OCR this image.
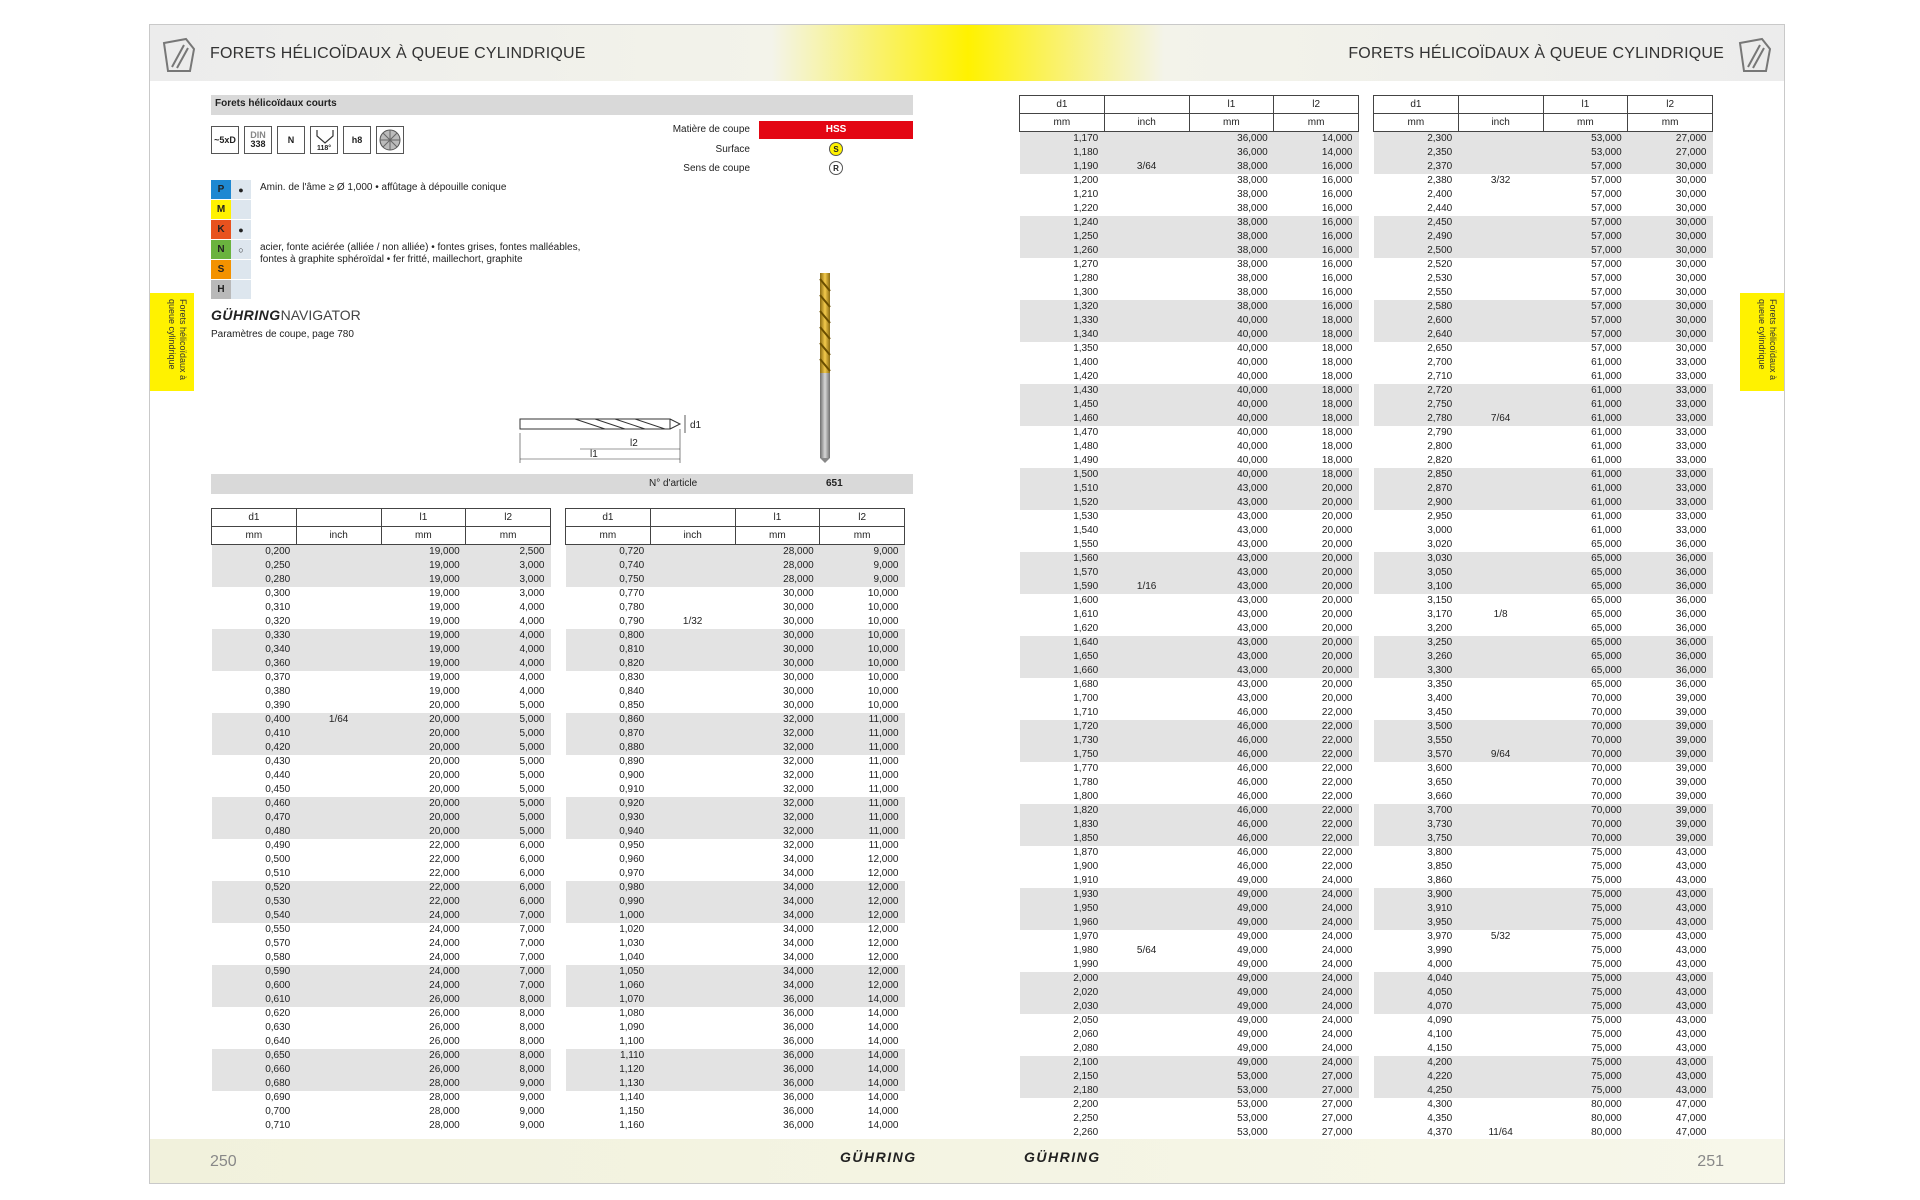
FORETS HÉLICOÏDAUX À QUEUE CYLINDRIQUE	FORETS HÉLICOÏDAUX À QUEUE CYLINDRIQUE
250	251
GÜHRING	GÜHRING
Forets hélicoïdaux à queue cylindrique	Forets hélicoïdaux à queue cylindrique
Forets hélicoïdaux courts
~5xD	DIN
338	N
118°
h8
Matière de coupe	HSS
Surface	S
Sens de coupe	R
P	●
M
K	●
N	○
S
H
Amin. de l'âme ≥ Ø 1,000 • affûtage à dépouille conique
acier, fonte aciérée (alliée / non alliée) • fontes grises, fontes malléables,
fontes à graphite sphéroïdal • fer fritté, maillechort, graphite
GÜHRINGNAVIGATOR
Paramètres de coupe, page 780
l2
l1
d1
N° d'article	651
d1		l1	l2
mm	inch	mm	mm
0,200		19,000	2,500
0,250		19,000	3,000
0,280		19,000	3,000
0,300		19,000	3,000
0,310		19,000	4,000
0,320		19,000	4,000
0,330		19,000	4,000
0,340		19,000	4,000
0,360		19,000	4,000
0,370		19,000	4,000
0,380		19,000	4,000
0,390		20,000	5,000
0,400	1/64	20,000	5,000
0,410		20,000	5,000
0,420		20,000	5,000
0,430		20,000	5,000
0,440		20,000	5,000
0,450		20,000	5,000
0,460		20,000	5,000
0,470		20,000	5,000
0,480		20,000	5,000
0,490		22,000	6,000
0,500		22,000	6,000
0,510		22,000	6,000
0,520		22,000	6,000
0,530		22,000	6,000
0,540		24,000	7,000
0,550		24,000	7,000
0,570		24,000	7,000
0,580		24,000	7,000
0,590		24,000	7,000
0,600		24,000	7,000
0,610		26,000	8,000
0,620		26,000	8,000
0,630		26,000	8,000
0,640		26,000	8,000
0,650		26,000	8,000
0,660		26,000	8,000
0,680		28,000	9,000
0,690		28,000	9,000
0,700		28,000	9,000
0,710		28,000	9,000
d1		l1	l2
mm	inch	mm	mm
0,720		28,000	9,000
0,740		28,000	9,000
0,750		28,000	9,000
0,770		30,000	10,000
0,780		30,000	10,000
0,790	1/32	30,000	10,000
0,800		30,000	10,000
0,810		30,000	10,000
0,820		30,000	10,000
0,830		30,000	10,000
0,840		30,000	10,000
0,850		30,000	10,000
0,860		32,000	11,000
0,870		32,000	11,000
0,880		32,000	11,000
0,890		32,000	11,000
0,900		32,000	11,000
0,910		32,000	11,000
0,920		32,000	11,000
0,930		32,000	11,000
0,940		32,000	11,000
0,950		32,000	11,000
0,960		34,000	12,000
0,970		34,000	12,000
0,980		34,000	12,000
0,990		34,000	12,000
1,000		34,000	12,000
1,020		34,000	12,000
1,030		34,000	12,000
1,040		34,000	12,000
1,050		34,000	12,000
1,060		34,000	12,000
1,070		36,000	14,000
1,080		36,000	14,000
1,090		36,000	14,000
1,100		36,000	14,000
1,110		36,000	14,000
1,120		36,000	14,000
1,130		36,000	14,000
1,140		36,000	14,000
1,150		36,000	14,000
1,160		36,000	14,000
d1		l1	l2
mm	inch	mm	mm
1,170		36,000	14,000
1,180		36,000	14,000
1,190	3/64	38,000	16,000
1,200		38,000	16,000
1,210		38,000	16,000
1,220		38,000	16,000
1,240		38,000	16,000
1,250		38,000	16,000
1,260		38,000	16,000
1,270		38,000	16,000
1,280		38,000	16,000
1,300		38,000	16,000
1,320		38,000	16,000
1,330		40,000	18,000
1,340		40,000	18,000
1,350		40,000	18,000
1,400		40,000	18,000
1,420		40,000	18,000
1,430		40,000	18,000
1,450		40,000	18,000
1,460		40,000	18,000
1,470		40,000	18,000
1,480		40,000	18,000
1,490		40,000	18,000
1,500		40,000	18,000
1,510		43,000	20,000
1,520		43,000	20,000
1,530		43,000	20,000
1,540		43,000	20,000
1,550		43,000	20,000
1,560		43,000	20,000
1,570		43,000	20,000
1,590	1/16	43,000	20,000
1,600		43,000	20,000
1,610		43,000	20,000
1,620		43,000	20,000
1,640		43,000	20,000
1,650		43,000	20,000
1,660		43,000	20,000
1,680		43,000	20,000
1,700		43,000	20,000
1,710		46,000	22,000
1,720		46,000	22,000
1,730		46,000	22,000
1,750		46,000	22,000
1,770		46,000	22,000
1,780		46,000	22,000
1,800		46,000	22,000
1,820		46,000	22,000
1,830		46,000	22,000
1,850		46,000	22,000
1,870		46,000	22,000
1,900		46,000	22,000
1,910		49,000	24,000
1,930		49,000	24,000
1,950		49,000	24,000
1,960		49,000	24,000
1,970		49,000	24,000
1,980	5/64	49,000	24,000
1,990		49,000	24,000
2,000		49,000	24,000
2,020		49,000	24,000
2,030		49,000	24,000
2,050		49,000	24,000
2,060		49,000	24,000
2,080		49,000	24,000
2,100		49,000	24,000
2,150		53,000	27,000
2,180		53,000	27,000
2,200		53,000	27,000
2,250		53,000	27,000
2,260		53,000	27,000
d1		l1	l2
mm	inch	mm	mm
2,300		53,000	27,000
2,350		53,000	27,000
2,370		57,000	30,000
2,380	3/32	57,000	30,000
2,400		57,000	30,000
2,440		57,000	30,000
2,450		57,000	30,000
2,490		57,000	30,000
2,500		57,000	30,000
2,520		57,000	30,000
2,530		57,000	30,000
2,550		57,000	30,000
2,580		57,000	30,000
2,600		57,000	30,000
2,640		57,000	30,000
2,650		57,000	30,000
2,700		61,000	33,000
2,710		61,000	33,000
2,720		61,000	33,000
2,750		61,000	33,000
2,780	7/64	61,000	33,000
2,790		61,000	33,000
2,800		61,000	33,000
2,820		61,000	33,000
2,850		61,000	33,000
2,870		61,000	33,000
2,900		61,000	33,000
2,950		61,000	33,000
3,000		61,000	33,000
3,020		65,000	36,000
3,030		65,000	36,000
3,050		65,000	36,000
3,100		65,000	36,000
3,150		65,000	36,000
3,170	1/8	65,000	36,000
3,200		65,000	36,000
3,250		65,000	36,000
3,260		65,000	36,000
3,300		65,000	36,000
3,350		65,000	36,000
3,400		70,000	39,000
3,450		70,000	39,000
3,500		70,000	39,000
3,550		70,000	39,000
3,570	9/64	70,000	39,000
3,600		70,000	39,000
3,650		70,000	39,000
3,660		70,000	39,000
3,700		70,000	39,000
3,730		70,000	39,000
3,750		70,000	39,000
3,800		75,000	43,000
3,850		75,000	43,000
3,860		75,000	43,000
3,900		75,000	43,000
3,910		75,000	43,000
3,950		75,000	43,000
3,970	5/32	75,000	43,000
3,990		75,000	43,000
4,000		75,000	43,000
4,040		75,000	43,000
4,050		75,000	43,000
4,070		75,000	43,000
4,090		75,000	43,000
4,100		75,000	43,000
4,150		75,000	43,000
4,200		75,000	43,000
4,220		75,000	43,000
4,250		75,000	43,000
4,300		80,000	47,000
4,350		80,000	47,000
4,370	11/64	80,000	47,000
